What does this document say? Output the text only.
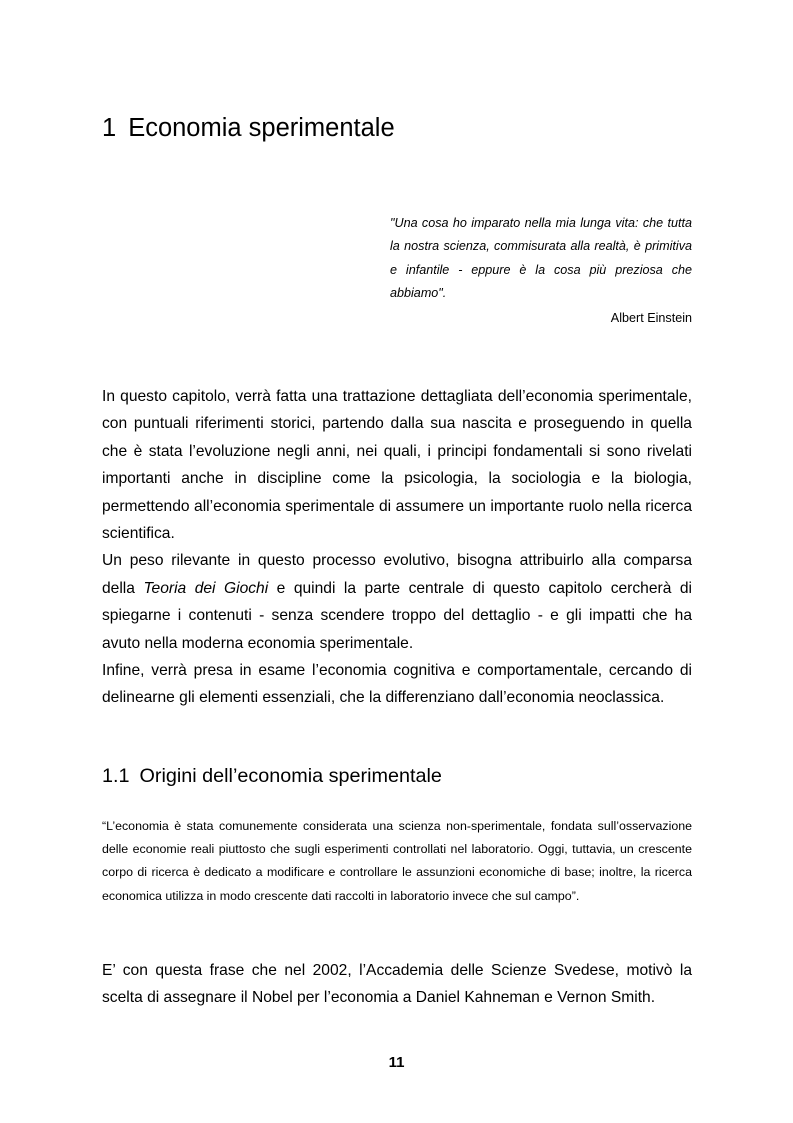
1 Economia sperimentale

"Una cosa ho imparato nella mia lunga vita: che tutta la nostra scienza, commisurata alla realtà, è primitiva e infantile - eppure è la cosa più preziosa che abbiamo".

Albert Einstein

In questo capitolo, verrà fatta una trattazione dettagliata dell’economia sperimentale, con puntuali riferimenti storici, partendo dalla sua nascita e proseguendo in quella che è stata l’evoluzione negli anni, nei quali, i principi fondamentali si sono rivelati importanti anche in discipline come la psicologia, la sociologia e la biologia, permettendo all’economia sperimentale di assumere un importante ruolo nella ricerca scientifica.

Un peso rilevante in questo processo evolutivo, bisogna attribuirlo alla comparsa della Teoria dei Giochi e quindi la parte centrale di questo capitolo cercherà di spiegarne i contenuti - senza scendere troppo del dettaglio - e gli impatti che ha avuto nella moderna economia sperimentale.

Infine, verrà presa in esame l’economia cognitiva e comportamentale, cercando di delinearne gli elementi essenziali, che la differenziano dall’economia neoclassica.

1.1 Origini dell’economia sperimentale

“L’economia è stata comunemente considerata una scienza non-sperimentale, fondata sull’osservazione delle economie reali piuttosto che sugli esperimenti controllati nel laboratorio. Oggi, tuttavia, un crescente corpo di ricerca è dedicato a modificare e controllare le assunzioni economiche di base; inoltre, la ricerca economica utilizza in modo crescente dati raccolti in laboratorio invece che sul campo”.

E’ con questa frase che nel 2002, l’Accademia delle Scienze Svedese, motivò la scelta di assegnare il Nobel per l’economia a Daniel Kahneman e Vernon Smith.

11
